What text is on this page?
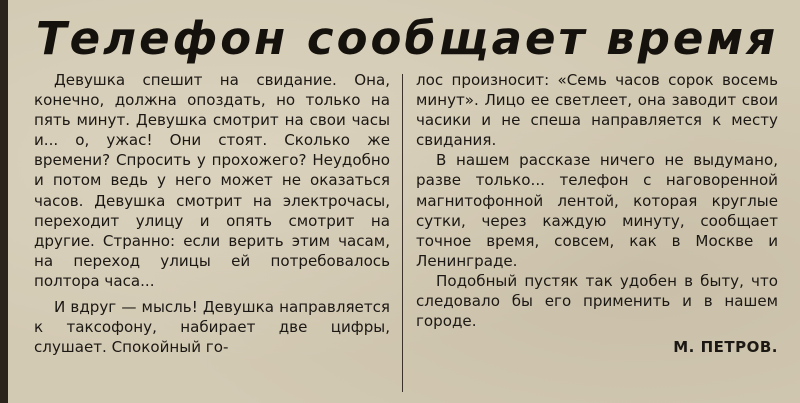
Телефон сообщает время

Девушка спешит на свидание. Она, конечно, должна опоздать, но только на пять минут. Девушка смотрит на свои часы и... о, ужас! Они стоят. Сколько же времени? Спросить у прохожего? Неудобно и потом ведь у него может не оказаться часов. Девушка смотрит на электрочасы, переходит улицу и опять смотрит на другие. Странно: если верить этим часам, на переход улицы ей потребовалось полтора часа...

И вдруг — мысль! Девушка направляется к таксофону, набирает две цифры, слушает. Спокойный го-

лос произносит: «Семь часов сорок восемь минут». Лицо ее светлеет, она заводит свои часики и не спеша направляется к месту свидания.

В нашем рассказе ничего не выдумано, разве только... телефон с наговоренной магнитофонной лентой, которая круглые сутки, через каждую минуту, сообщает точное время, совсем, как в Москве и Ленинграде.

Подобный пустяк так удобен в быту, что следовало бы его применить и в нашем городе.

М. ПЕТРОВ.
